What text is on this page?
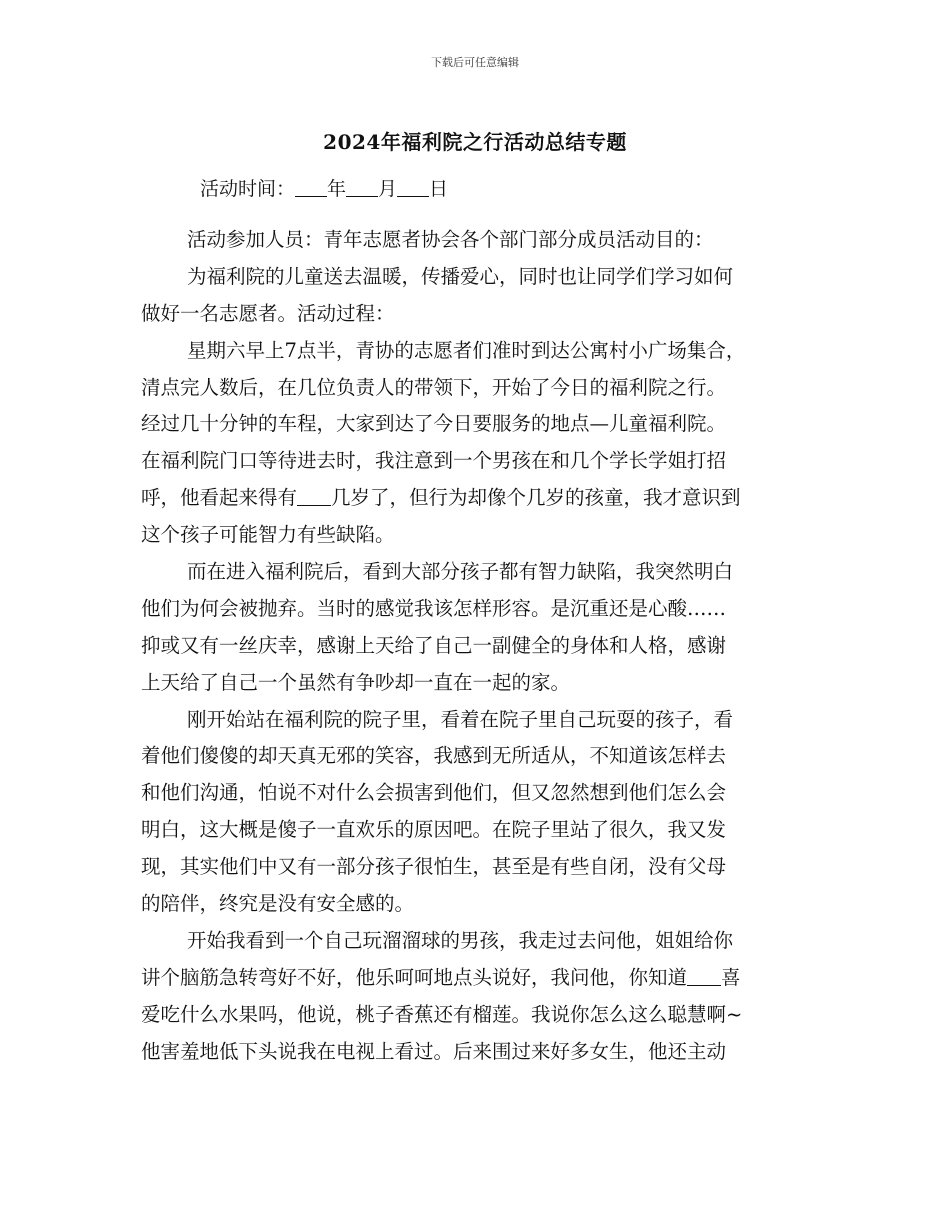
下载后可任意编辑
2024年福利院之行活动总结专题
活动时间： 年 月 日
活动参加人员：青年志愿者协会各个部门部分成员活动目的：
为福利院的儿童送去温暖，传播爱心，同时也让同学们学习如何
做好一名志愿者。活动过程：
星期六早上7点半，青协的志愿者们准时到达公寓村小广场集合，
清点完人数后，在几位负责人的带领下，开始了今日的福利院之行。
经过几十分钟的车程，大家到达了今日要服务的地点—儿童福利院。
在福利院门口等待进去时，我注意到一个男孩在和几个学长学姐打招
呼，他看起来得有 几岁了，但行为却像个几岁的孩童，我才意识到
这个孩子可能智力有些缺陷。
而在进入福利院后，看到大部分孩子都有智力缺陷，我突然明白
他们为何会被抛弃。当时的感觉我该怎样形容。是沉重还是心酸……
抑或又有一丝庆幸，感谢上天给了自己一副健全的身体和人格，感谢
上天给了自己一个虽然有争吵却一直在一起的家。
刚开始站在福利院的院子里，看着在院子里自己玩耍的孩子，看
着他们傻傻的却天真无邪的笑容，我感到无所适从，不知道该怎样去
和他们沟通，怕说不对什么会损害到他们，但又忽然想到他们怎么会
明白，这大概是傻子一直欢乐的原因吧。在院子里站了很久，我又发
现，其实他们中又有一部分孩子很怕生，甚至是有些自闭，没有父母
的陪伴，终究是没有安全感的。
开始我看到一个自己玩溜溜球的男孩，我走过去问他，姐姐给你
讲个脑筋急转弯好不好，他乐呵呵地点头说好，我问他，你知道 喜
爱吃什么水果吗，他说，桃子香蕉还有榴莲。我说你怎么这么聪慧啊~
他害羞地低下头说我在电视上看过。后来围过来好多女生，他还主动
